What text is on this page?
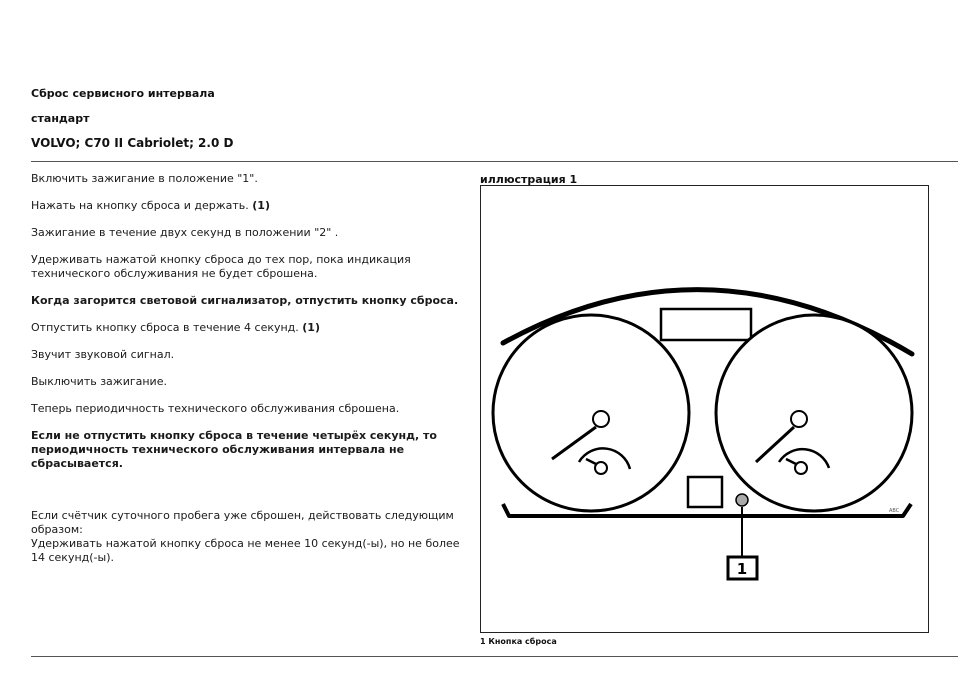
Сброс сервисного интервала
стандарт
VOLVO; C70 II Cabriolet; 2.0 D
Включить зажигание в положение "1".
Нажать на кнопку сброса и держать. (1)
Зажигание в течение двух секунд в положении "2" .
Удерживать нажатой кнопку сброса до тех пор, пока индикация технического обслуживания не будет сброшена.
Когда загорится световой сигнализатор, отпустить кнопку сброса.
Отпустить кнопку сброса в течение 4 секунд. (1)
Звучит звуковой сигнал.
Выключить зажигание.
Теперь периодичность технического обслуживания сброшена.
Если не отпустить кнопку сброса в течение четырёх секунд, то периодичность технического обслуживания интервала не сбрасывается.
Если счётчик суточного пробега уже сброшен, действовать следующим образом:
Удерживать нажатой кнопку сброса не менее 10 секунд(-ы), но не более 14 секунд(-ы).
иллюстрация 1
1
ABC
1 Кнопка сброса
